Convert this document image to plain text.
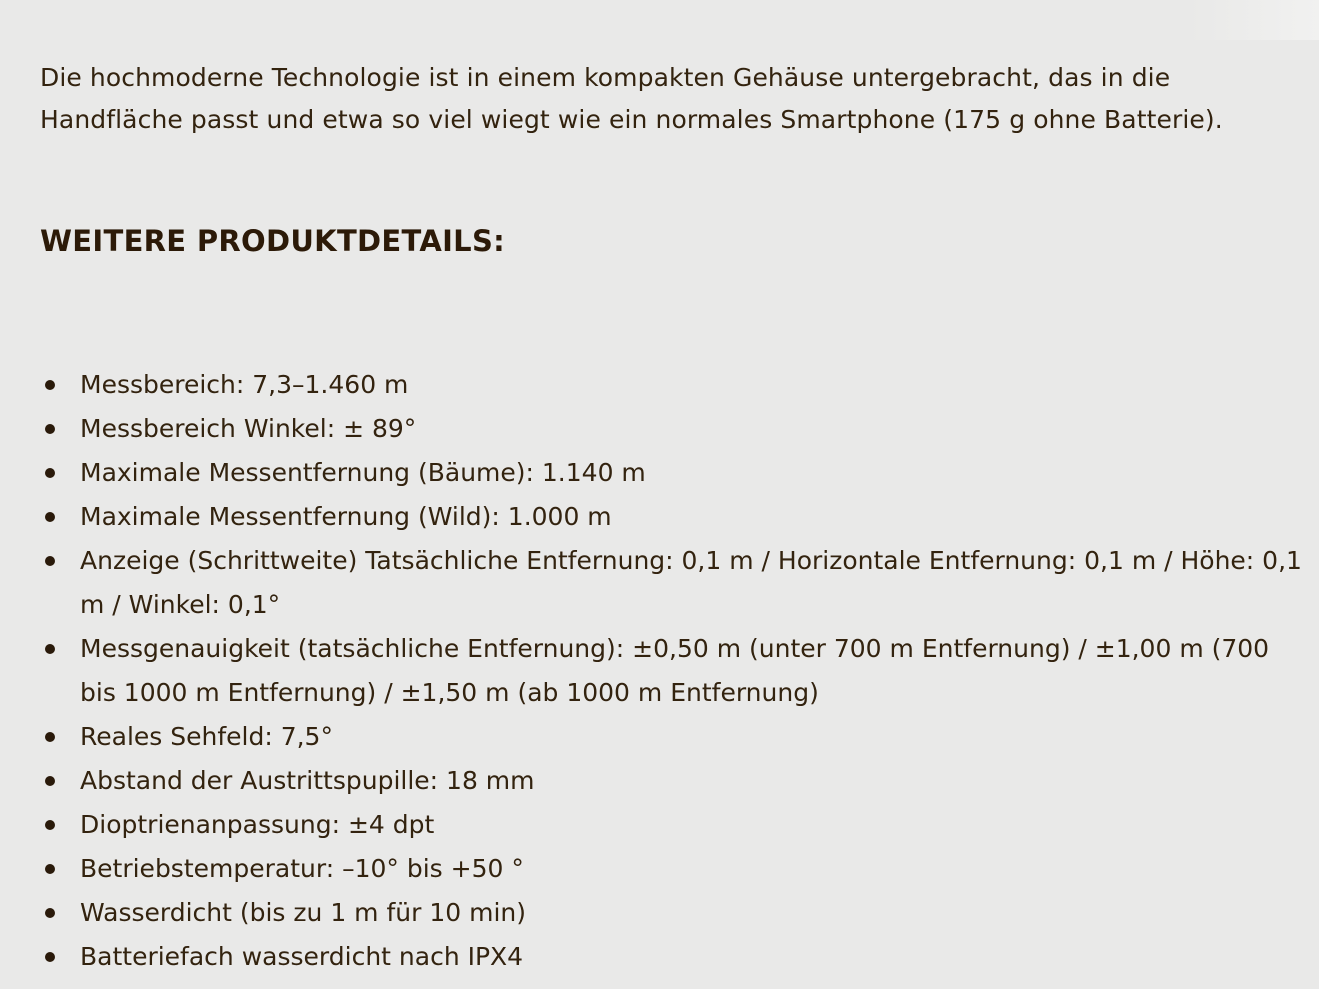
Die hochmoderne Technologie ist in einem kompakten Gehäuse untergebracht, das in die Handfläche passt und etwa so viel wiegt wie ein normales Smartphone (175 g ohne Batterie).

WEITERE PRODUKTDETAILS:
Messbereich: 7,3–1.460 m
Messbereich Winkel: ± 89°
Maximale Messentfernung (Bäume): 1.140 m
Maximale Messentfernung (Wild): 1.000 m
Anzeige (Schrittweite) Tatsächliche Entfernung: 0,1 m / Horizontale Entfernung: 0,1 m / Höhe: 0,1 m / Winkel: 0,1°
Messgenauigkeit (tatsächliche Entfernung): ±0,50 m (unter 700 m Entfernung) / ±1,00 m (700 bis 1000 m Entfernung) / ±1,50 m (ab 1000 m Entfernung)
Reales Sehfeld: 7,5°
Abstand der Austrittspupille: 18 mm
Dioptrienanpassung: ±4 dpt
Betriebstemperatur: –10° bis +50 °
Wasserdicht (bis zu 1 m für 10 min)
Batteriefach wasserdicht nach IPX4
